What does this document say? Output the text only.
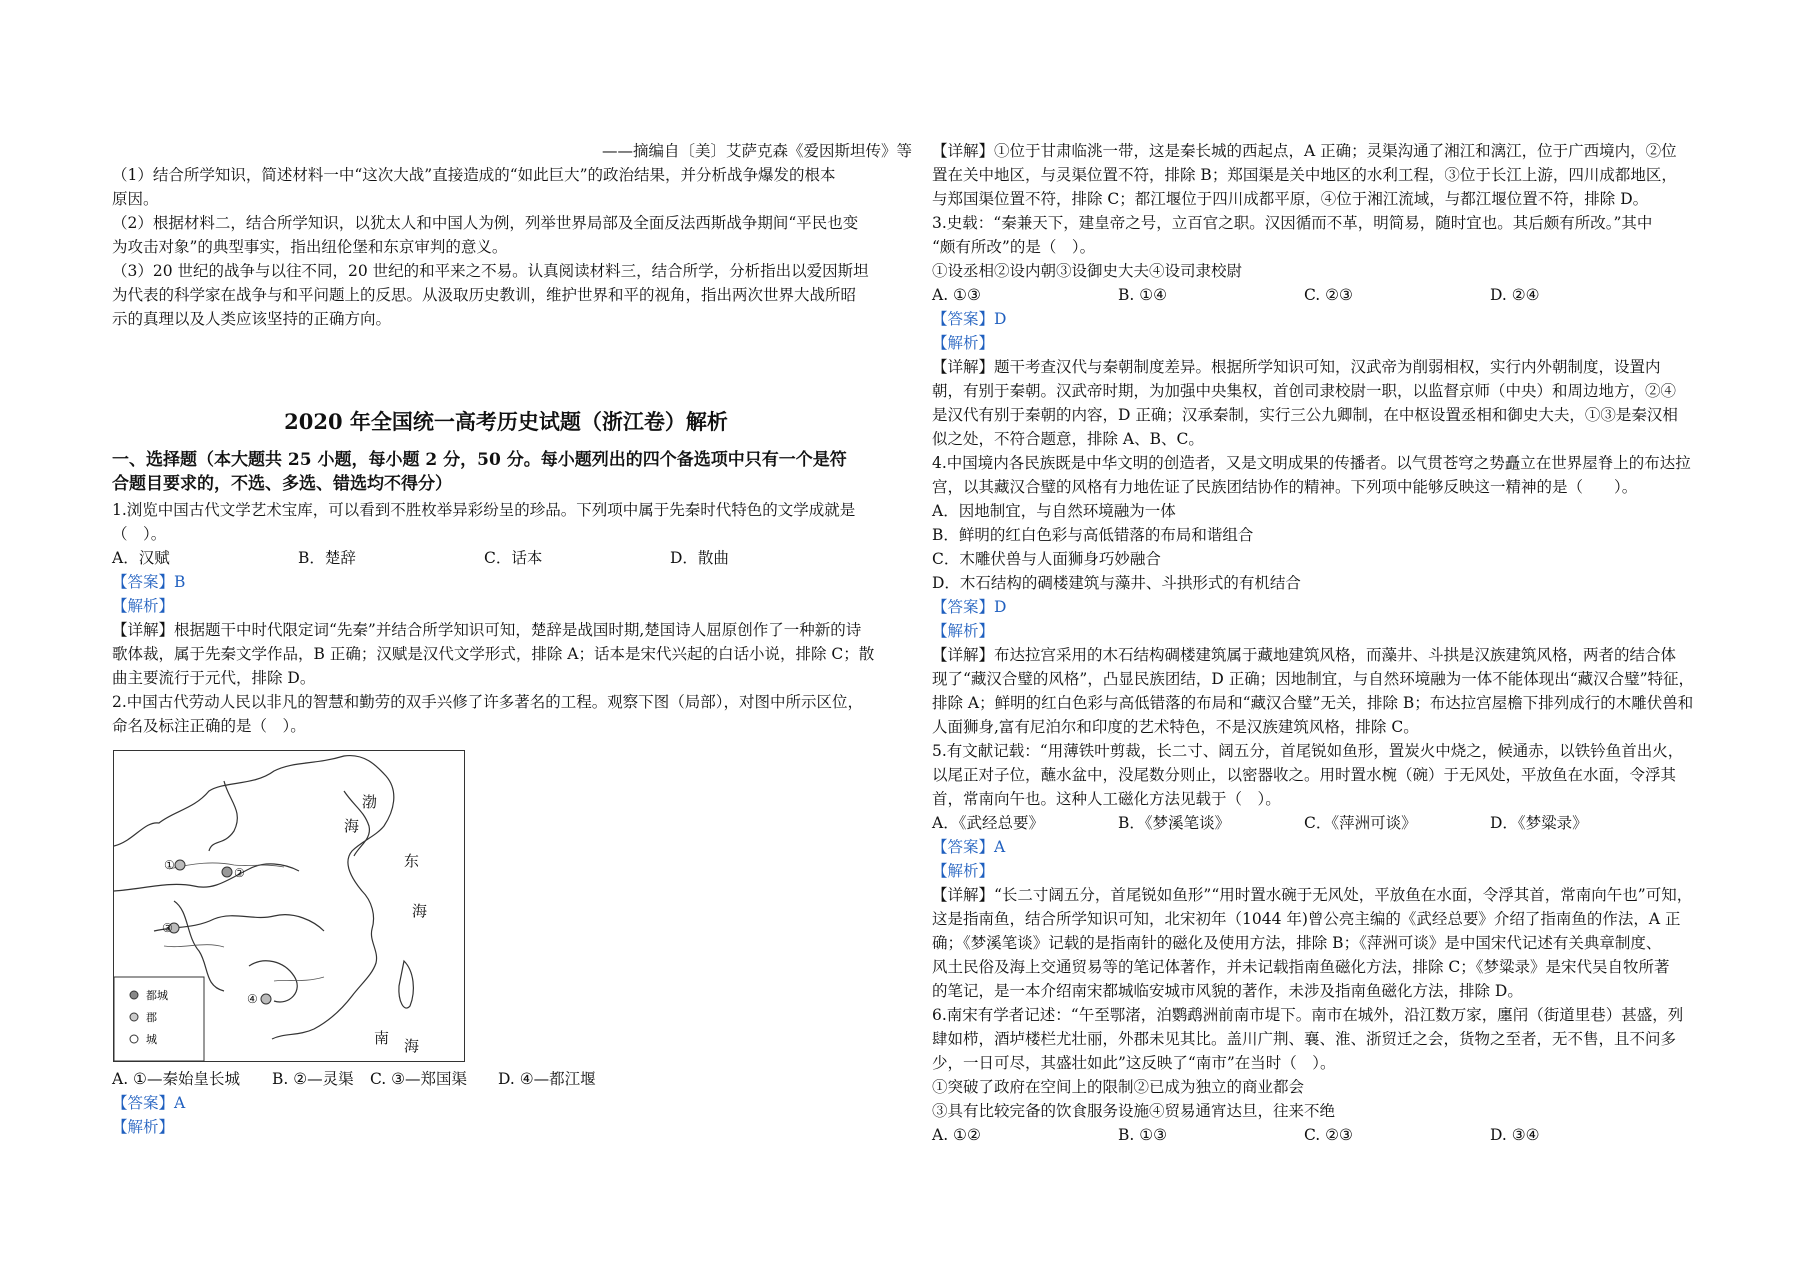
——摘编自〔美〕艾萨克森《爱因斯坦传》等
（1）结合所学知识，简述材料一中“这次大战”直接造成的“如此巨大”的政治结果，并分析战争爆发的根本
原因。
（2）根据材料二，结合所学知识，以犹太人和中国人为例，列举世界局部及全面反法西斯战争期间“平民也变
为攻击对象”的典型事实，指出纽伦堡和东京审判的意义。
（3）20 世纪的战争与以往不同，20 世纪的和平来之不易。认真阅读材料三，结合所学，分析指出以爱因斯坦
为代表的科学家在战争与和平问题上的反思。从汲取历史教训，维护世界和平的视角，指出两次世界大战所昭
示的真理以及人类应该坚持的正确方向。
2020 年全国统一高考历史试题（浙江卷）解析
一、选择题（本大题共 25 小题，每小题 2 分，50 分。每小题列出的四个备选项中只有一个是符
合题目要求的，不选、多选、错选均不得分）
1.浏览中国古代文学艺术宝库，可以看到不胜枚举异彩纷呈的珍品。下列项中属于先秦时代特色的文学成就是
（　）。
A．汉赋	B．楚辞	C．话本	D．散曲
【答案】B
【解析】
【详解】根据题干中时代限定词“先秦”并结合所学知识可知，楚辞是战国时期,楚国诗人屈原创作了一种新的诗
歌体裁，属于先秦文学作品，B 正确；汉赋是汉代文学形式，排除 A；话本是宋代兴起的白话小说，排除 C；散
曲主要流行于元代，排除 D。
2.中国古代劳动人民以非凡的智慧和勤劳的双手兴修了许多著名的工程。观察下图（局部），对图中所示区位，
命名及标注正确的是（　）。
渤
海
东
海
南 海
①
②
③
④
都城
郡
城
A. ①—秦始皇长城	B. ②—灵渠	C. ③—郑国渠	D. ④—都江堰
【答案】A
【解析】
【详解】①位于甘肃临洮一带，这是秦长城的西起点，A 正确；灵渠沟通了湘江和漓江，位于广西境内，②位
置在关中地区，与灵渠位置不符，排除 B；郑国渠是关中地区的水利工程，③位于长江上游，四川成都地区，
与郑国渠位置不符，排除 C；都江堰位于四川成都平原，④位于湘江流域，与都江堰位置不符，排除 D。
3.史载：“秦兼天下，建皇帝之号，立百官之职。汉因循而不革，明简易，随时宜也。其后颇有所改。”其中
“颇有所改”的是（　）。
①设丞相②设内朝③设御史大夫④设司隶校尉
A. ①③	B. ①④	C. ②③	D. ②④
【答案】D
【解析】
【详解】题干考查汉代与秦朝制度差异。根据所学知识可知，汉武帝为削弱相权，实行内外朝制度，设置内
朝，有别于秦朝。汉武帝时期，为加强中央集权，首创司隶校尉一职，以监督京师（中央）和周边地方，②④
是汉代有别于秦朝的内容，D 正确；汉承秦制，实行三公九卿制，在中枢设置丞相和御史大夫，①③是秦汉相
似之处，不符合题意，排除 A、B、C。
4.中国境内各民族既是中华文明的创造者，又是文明成果的传播者。以气贯苍穹之势矗立在世界屋脊上的布达拉
宫，以其藏汉合璧的风格有力地佐证了民族团结协作的精神。下列项中能够反映这一精神的是（　　）。
A．因地制宜，与自然环境融为一体
B．鲜明的红白色彩与高低错落的布局和谐组合
C．木雕伏兽与人面狮身巧妙融合
D．木石结构的碉楼建筑与藻井、斗拱形式的有机结合
【答案】D
【解析】
【详解】布达拉宫采用的木石结构碉楼建筑属于藏地建筑风格，而藻井、斗拱是汉族建筑风格，两者的结合体
现了“藏汉合璧的风格”，凸显民族团结，D 正确；因地制宜，与自然环境融为一体不能体现出“藏汉合璧”特征，
排除 A；鲜明的红白色彩与高低错落的布局和“藏汉合璧”无关，排除 B；布达拉宫屋檐下排列成行的木雕伏兽和
人面狮身,富有尼泊尔和印度的艺术特色，不是汉族建筑风格，排除 C。
5.有文献记载：“用薄铁叶剪裁，长二寸、阔五分，首尾锐如鱼形，置炭火中烧之，候通赤，以铁钤鱼首出火，
以尾正对子位，蘸水盆中，没尾数分则止，以密器收之。用时置水椀（碗）于无风处，平放鱼在水面，令浮其
首，常南向午也。这种人工磁化方法见载于（　）。
A．《武经总要》	B．《梦溪笔谈》	C．《萍洲可谈》	D．《梦粱录》
【答案】A
【解析】
【详解】“长二寸阔五分，首尾锐如鱼形”“用时置水碗于无风处，平放鱼在水面，令浮其首，常南向午也”可知，
这是指南鱼，结合所学知识可知，北宋初年（1044 年)曾公亮主编的《武经总要》介绍了指南鱼的作法，A 正
确；《梦溪笔谈》记载的是指南针的磁化及使用方法，排除 B；《萍洲可谈》是中国宋代记述有关典章制度、
风土民俗及海上交通贸易等的笔记体著作，并未记载指南鱼磁化方法，排除 C；《梦粱录》是宋代吴自牧所著
的笔记，是一本介绍南宋都城临安城市风貌的著作，未涉及指南鱼磁化方法，排除 D。
6.南宋有学者记述：“午至鄂渚，泊鹦鹉洲前南市堤下。南市在城外，沿江数万家，廛闬（街道里巷）甚盛，列
肆如栉，酒垆楼栏尤壮丽，外郡未见其比。盖川广荆、襄、淮、浙贸迁之会，货物之至者，无不售，且不问多
少，一日可尽，其盛壮如此”这反映了“南市”在当时（　）。
①突破了政府在空间上的限制②已成为独立的商业都会
③具有比较完备的饮食服务设施④贸易通宵达旦，往来不绝
A. ①②	B. ①③	C. ②③	D. ③④
